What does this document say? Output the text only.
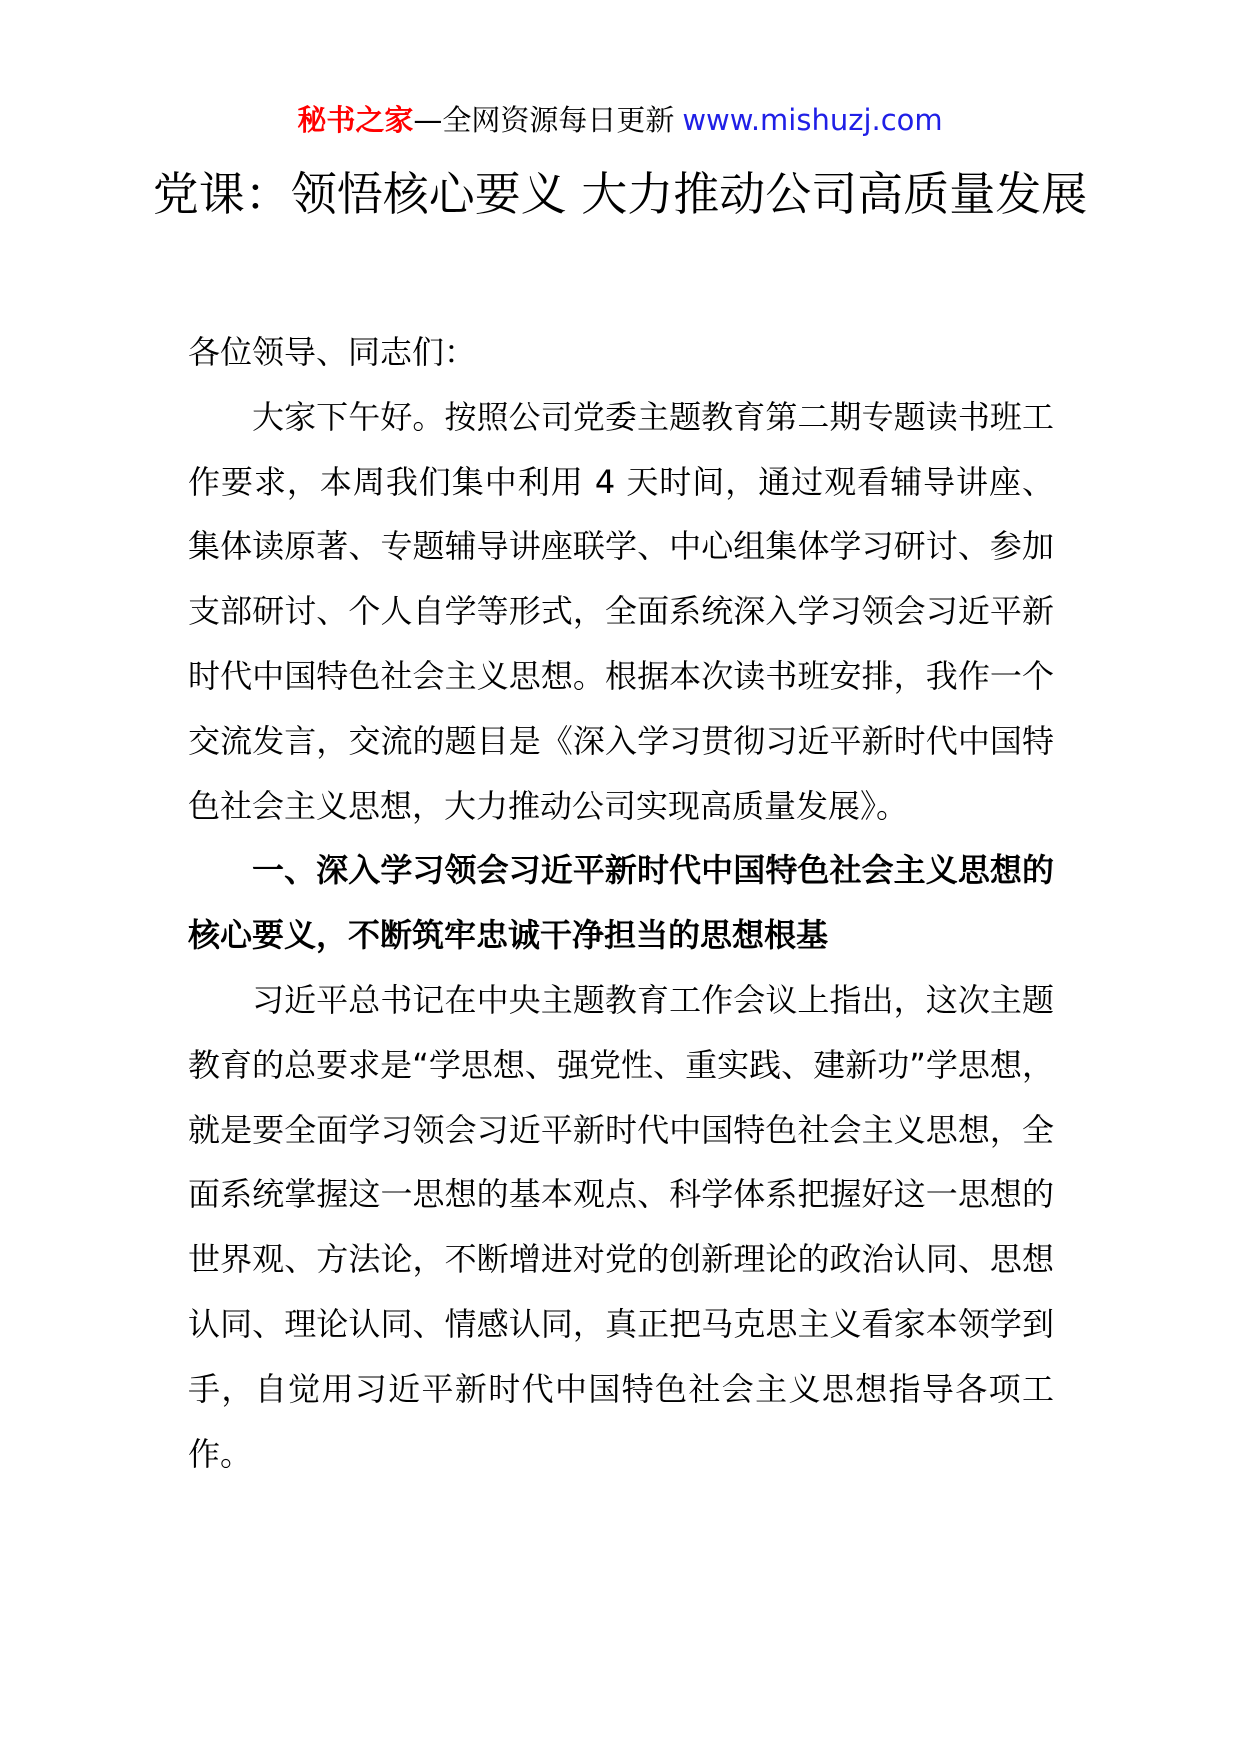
秘书之家—全网资源每日更新 www.mishuzj.com
党课：领悟核心要义 大力推动公司高质量发展

各位领导、同志们：

大家下午好。按照公司党委主题教育第二期专题读书班工作要求，本周我们集中利用 4 天时间，通过观看辅导讲座、集体读原著、专题辅导讲座联学、中心组集体学习研讨、参加支部研讨、个人自学等形式，全面系统深入学习领会习近平新时代中国特色社会主义思想。根据本次读书班安排，我作一个交流发言，交流的题目是《深入学习贯彻习近平新时代中国特色社会主义思想，大力推动公司实现高质量发展》。

一、深入学习领会习近平新时代中国特色社会主义思想的核心要义，不断筑牢忠诚干净担当的思想根基

习近平总书记在中央主题教育工作会议上指出，这次主题教育的总要求是“学思想、强党性、重实践、建新功”学思想，就是要全面学习领会习近平新时代中国特色社会主义思想，全面系统掌握这一思想的基本观点、科学体系把握好这一思想的世界观、方法论，不断增进对党的创新理论的政治认同、思想认同、理论认同、情感认同，真正把马克思主义看家本领学到手，自觉用习近平新时代中国特色社会主义思想指导各项工作。
